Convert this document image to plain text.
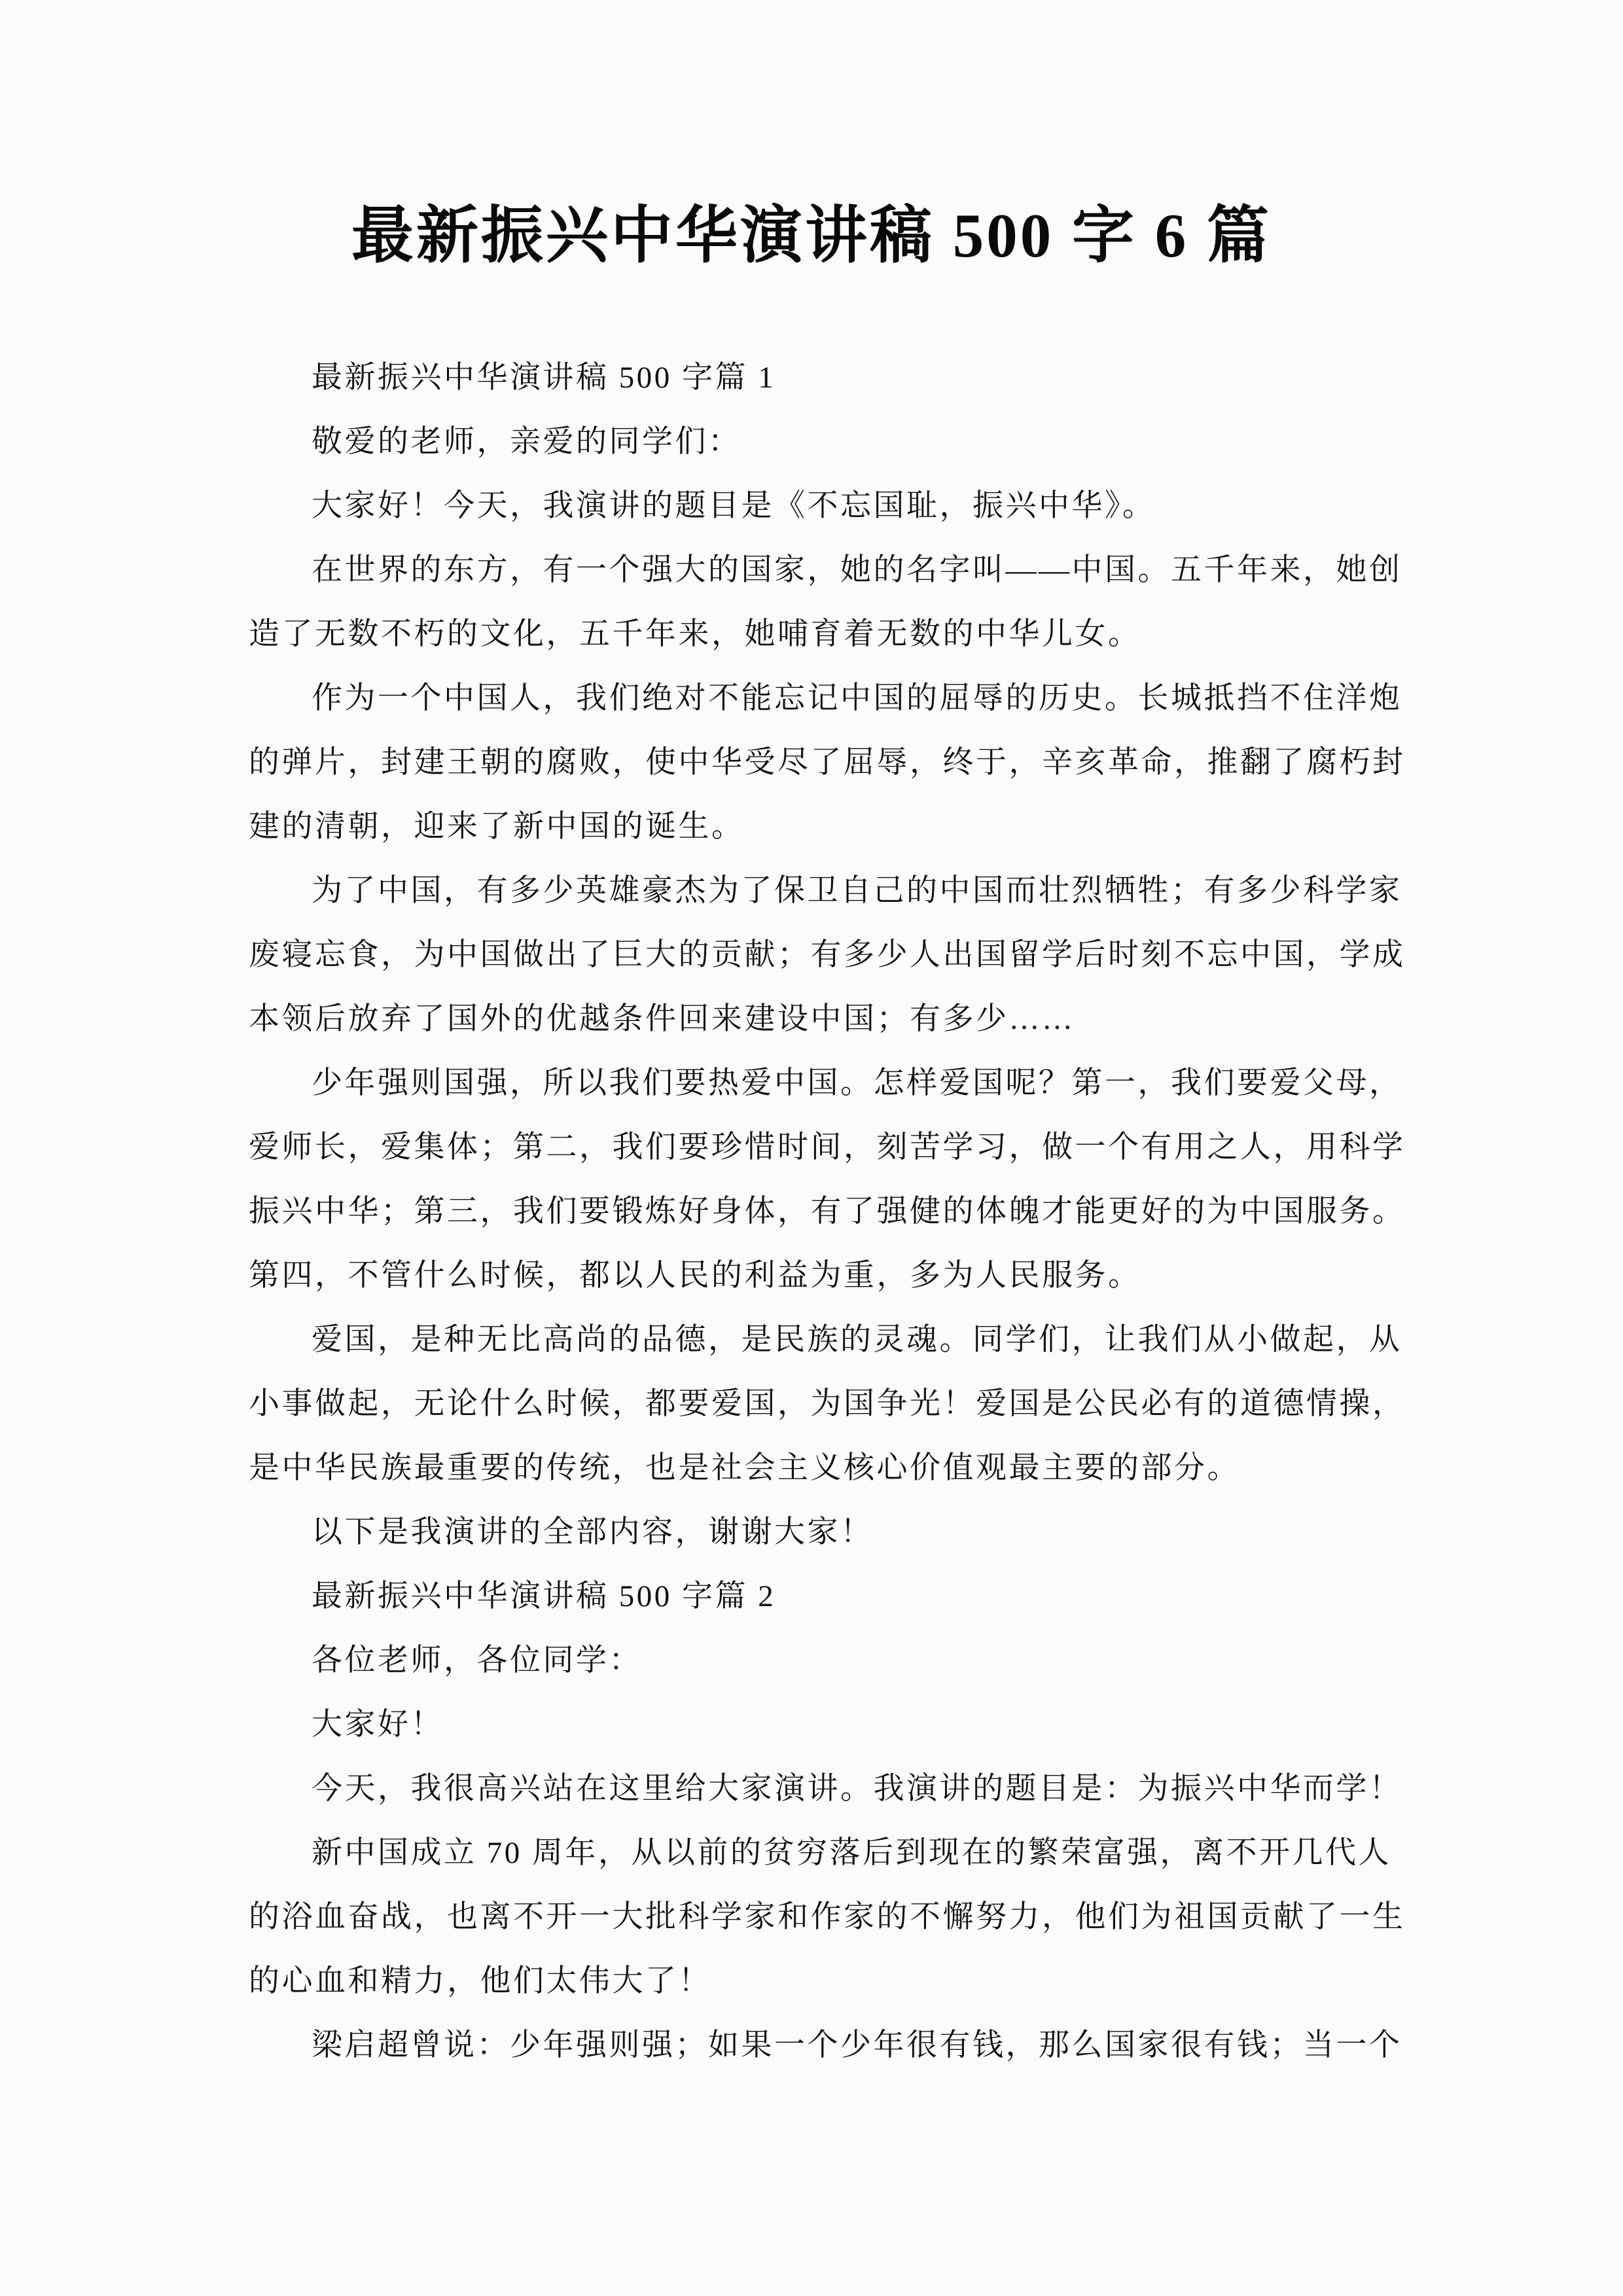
最新振兴中华演讲稿 500 字 6 篇
最新振兴中华演讲稿 500 字篇 1
敬爱的老师，亲爱的同学们：
大家好！今天，我演讲的题目是《不忘国耻，振兴中华》。
在世界的东方，有一个强大的国家，她的名字叫——中国。五千年来，她创
造了无数不朽的文化，五千年来，她哺育着无数的中华儿女。
作为一个中国人，我们绝对不能忘记中国的屈辱的历史。长城抵挡不住洋炮
的弹片，封建王朝的腐败，使中华受尽了屈辱，终于，辛亥革命，推翻了腐朽封
建的清朝，迎来了新中国的诞生。
为了中国，有多少英雄豪杰为了保卫自己的中国而壮烈牺牲；有多少科学家
废寝忘食，为中国做出了巨大的贡献；有多少人出国留学后时刻不忘中国，学成
本领后放弃了国外的优越条件回来建设中国；有多少……
少年强则国强，所以我们要热爱中国。怎样爱国呢？第一，我们要爱父母，
爱师长，爱集体；第二，我们要珍惜时间，刻苦学习，做一个有用之人，用科学
振兴中华；第三，我们要锻炼好身体，有了强健的体魄才能更好的为中国服务。
第四，不管什么时候，都以人民的利益为重，多为人民服务。
爱国，是种无比高尚的品德，是民族的灵魂。同学们，让我们从小做起，从
小事做起，无论什么时候，都要爱国，为国争光！爱国是公民必有的道德情操，
是中华民族最重要的传统，也是社会主义核心价值观最主要的部分。
以下是我演讲的全部内容，谢谢大家！
最新振兴中华演讲稿 500 字篇 2
各位老师，各位同学：
大家好！
今天，我很高兴站在这里给大家演讲。我演讲的题目是：为振兴中华而学！
新中国成立 70 周年，从以前的贫穷落后到现在的繁荣富强，离不开几代人
的浴血奋战，也离不开一大批科学家和作家的不懈努力，他们为祖国贡献了一生
的心血和精力，他们太伟大了！
梁启超曾说：少年强则强；如果一个少年很有钱，那么国家很有钱；当一个
